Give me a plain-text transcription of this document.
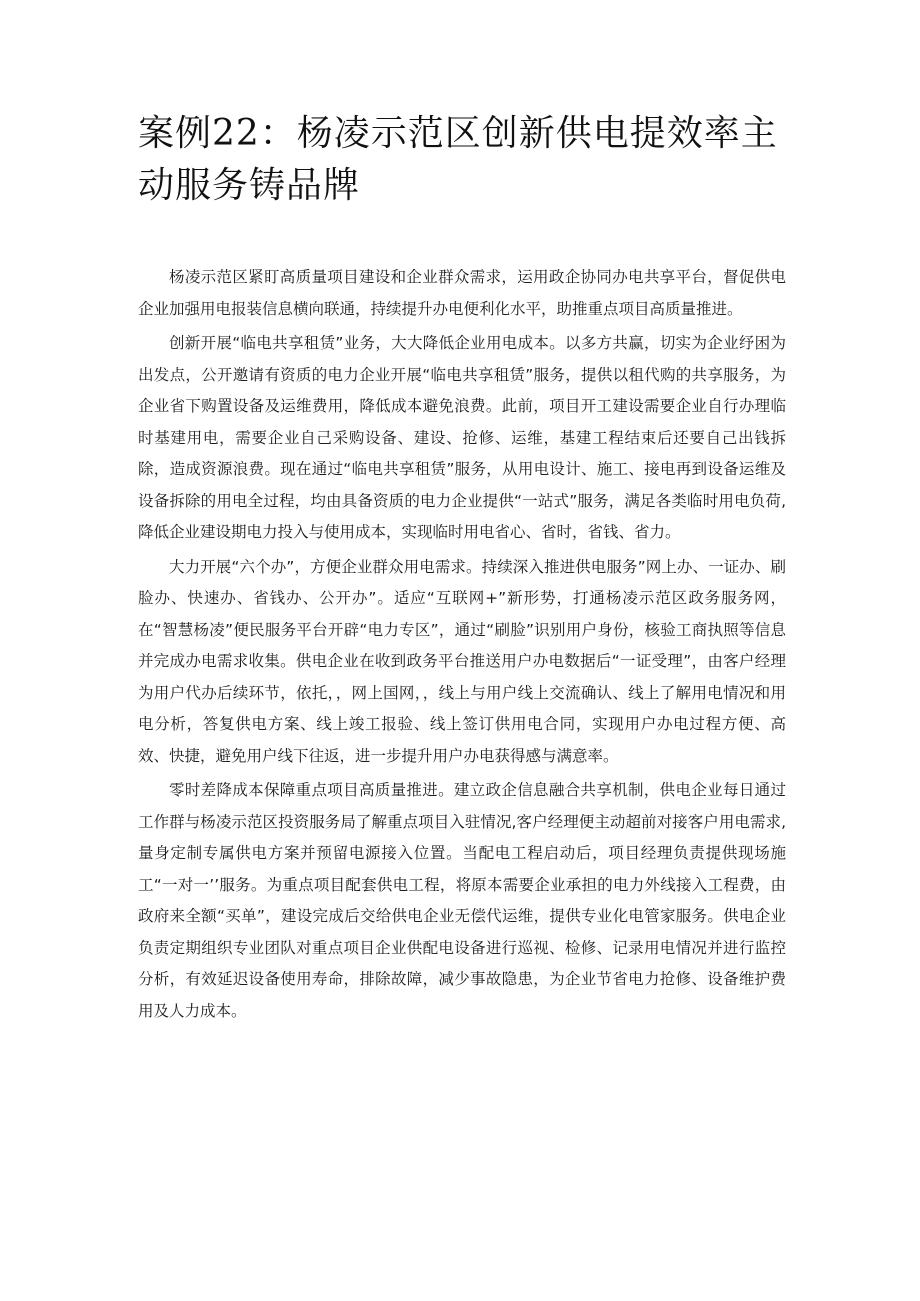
案例22：杨凌示范区创新供电提效率主动服务铸品牌

杨凌示范区紧盯高质量项目建设和企业群众需求，运用政企协同办电共享平台，督促供电企业加强用电报装信息横向联通，持续提升办电便利化水平，助推重点项目高质量推进。

创新开展“临电共享租赁”业务，大大降低企业用电成本。以多方共赢，切实为企业纾困为出发点，公开邀请有资质的电力企业开展“临电共享租赁”服务，提供以租代购的共享服务，为企业省下购置设备及运维费用，降低成本避免浪费。此前，项目开工建设需要企业自行办理临时基建用电，需要企业自己采购设备、建设、抢修、运维，基建工程结束后还要自己出钱拆除，造成资源浪费。现在通过“临电共享租赁”服务，从用电设计、施工、接电再到设备运维及设备拆除的用电全过程，均由具备资质的电力企业提供“一站式”服务，满足各类临时用电负荷,降低企业建设期电力投入与使用成本，实现临时用电省心、省时，省钱、省力。

大力开展“六个办”，方便企业群众用电需求。持续深入推进供电服务”网上办、一证办、刷脸办、快速办、省钱办、公开办”。适应“互联网+”新形势，打通杨凌示范区政务服务网，在“智慧杨凌”便民服务平台开辟“电力专区”，通过“刷脸”识别用户身份，核验工商执照等信息并完成办电需求收集。供电企业在收到政务平台推送用户办电数据后“一证受理”，由客户经理为用户代办后续环节，依托，，网上国网，，线上与用户线上交流确认、线上了解用电情况和用电分析，答复供电方案、线上竣工报验、线上签订供用电合同，实现用户办电过程方便、高效、快捷，避免用户线下往返，进一步提升用户办电获得感与满意率。

零时差降成本保障重点项目高质量推进。建立政企信息融合共享机制，供电企业每日通过工作群与杨凌示范区投资服务局了解重点项目入驻情况,客户经理便主动超前对接客户用电需求,量身定制专属供电方案并预留电源接入位置。当配电工程启动后，项目经理负责提供现场施工“一对一’’服务。为重点项目配套供电工程，将原本需要企业承担的电力外线接入工程费，由政府来全额“买单”，建设完成后交给供电企业无偿代运维，提供专业化电管家服务。供电企业负责定期组织专业团队对重点项目企业供配电设备进行巡视、检修、记录用电情况并进行监控分析，有效延迟设备使用寿命，排除故障，减少事故隐患，为企业节省电力抢修、设备维护费用及人力成本。
